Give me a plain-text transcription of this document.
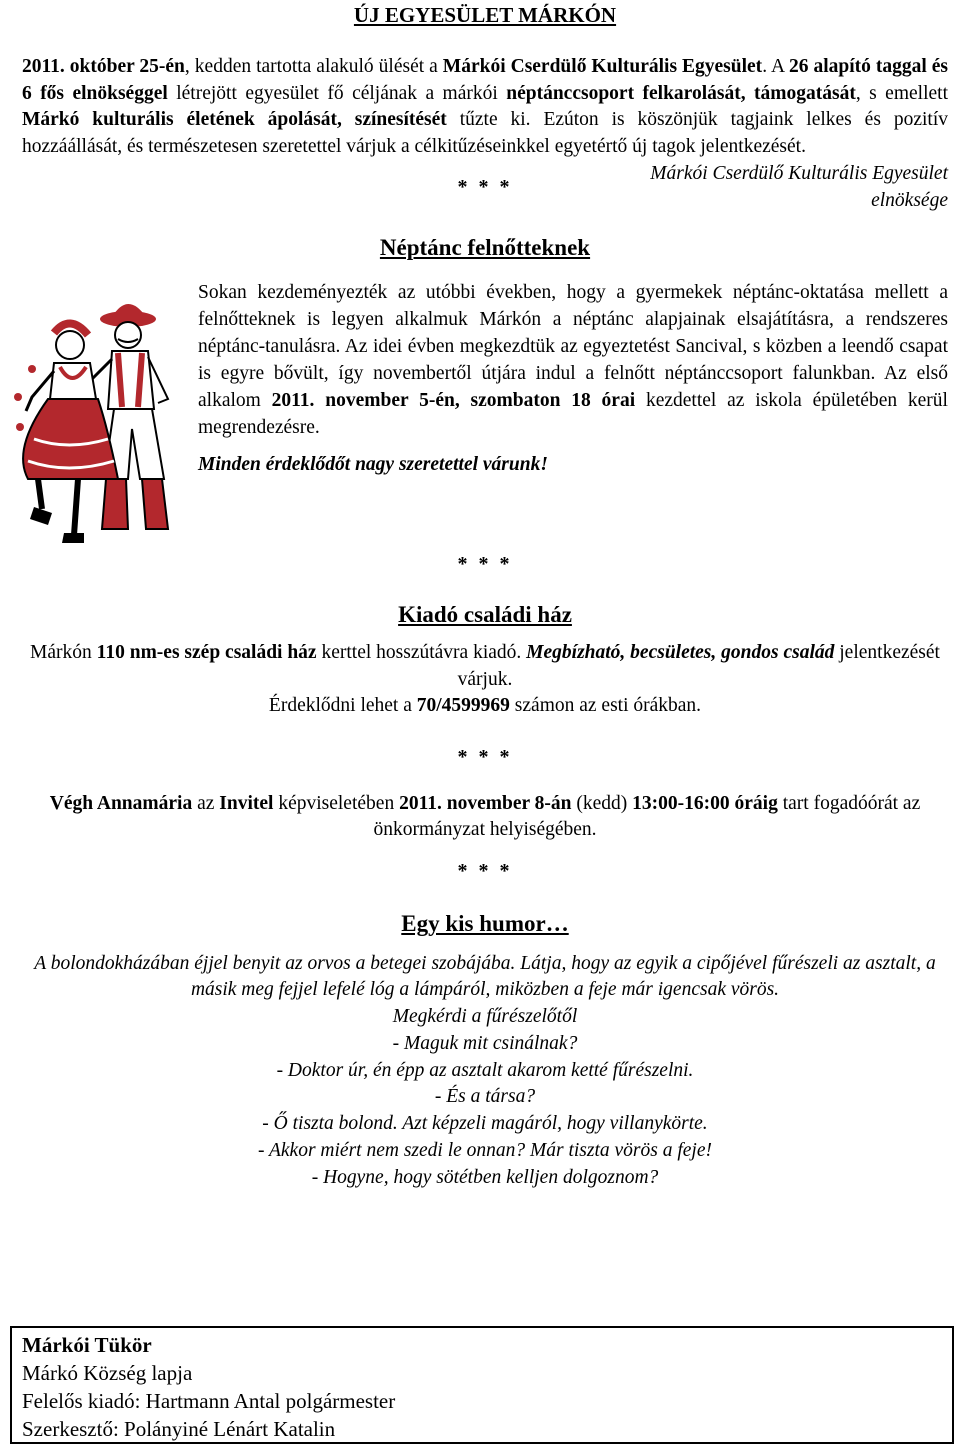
ÚJ EGYESÜLET MÁRKÓN
2011. október 25-én, kedden tartotta alakuló ülését a Márkói Cserdülő Kulturális Egyesület. A 26 alapító taggal és 6 fős elnökséggel létrejött egyesület fő céljának a márkói néptánccsoport felkarolását, támogatását, s emellett Márkó kulturális életének ápolását, színesítését tűzte ki. Ezúton is köszönjük tagjaink lelkes és pozitív hozzáállását, és természetesen szeretettel várjuk a célkitűzéseinkkel egyetértő új tagok jelentkezését.
Márkói Cserdülő Kulturális Egyesület
elnöksége
* * *
Néptánc felnőtteknek
Sokan kezdeményezték az utóbbi években, hogy a gyermekek néptánc-oktatása mellett a felnőtteknek is legyen alkalmuk Márkón a néptánc alapjainak elsajátításra, a rendszeres néptánc-tanulásra. Az idei évben megkezdtük az egyeztetést Sancival, s közben a leendő csapat is egyre bővült, így novembertől útjára indul a felnőtt néptánccsoport falunkban. Az első alkalom 2011. november 5-én, szombaton 18 órai kezdettel az iskola épületében kerül megrendezésre.
Minden érdeklődőt nagy szeretettel várunk!
* * *
Kiadó családi ház
Márkón 110 nm-es szép családi ház kerttel hosszútávra kiadó. Megbízható, becsületes, gondos család jelentkezését várjuk.
Érdeklődni lehet a 70/4599969 számon az esti órákban.
* * *
Végh Annamária az Invitel képviseletében 2011. november 8-án (kedd) 13:00-16:00 óráig tart fogadóórát az önkormányzat helyiségében.
* * *
Egy kis humor…
A bolondokházában éjjel benyit az orvos a betegei szobájába. Látja, hogy az egyik a cipőjével fűrészeli az asztalt, a másik meg fejjel lefelé lóg a lámpáról, miközben a feje már igencsak vörös.
Megkérdi a fűrészelőtől
- Maguk mit csinálnak?
- Doktor úr, én épp az asztalt akarom ketté fűrészelni.
- És a társa?
- Ő tiszta bolond. Azt képzeli magáról, hogy villanykörte.
- Akkor miért nem szedi le onnan? Már tiszta vörös a feje!
- Hogyne, hogy sötétben kelljen dolgoznom?
Márkói Tükör
Márkó Község lapja
Felelős kiadó: Hartmann Antal polgármester
Szerkesztő: Polányiné Lénárt Katalin
